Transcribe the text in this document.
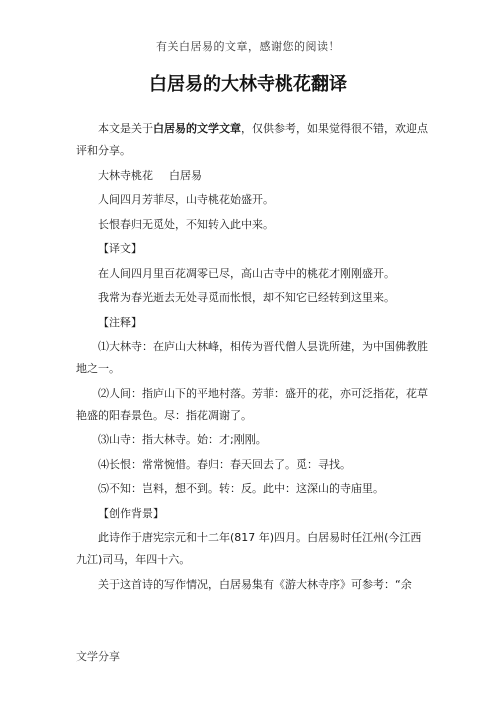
有关白居易的文章，感谢您的阅读！
白居易的大林寺桃花翻译

本文是关于白居易的文学文章，仅供参考，如果觉得很不错，欢迎点评和分享。

大林寺桃花 白居易

人间四月芳菲尽，山寺桃花始盛开。

长恨春归无觅处，不知转入此中来。

【译文】

在人间四月里百花凋零已尽，高山古寺中的桃花才刚刚盛开。

我常为春光逝去无处寻觅而怅恨，却不知它已经转到这里来。

【注释】

⑴大林寺：在庐山大林峰，相传为晋代僧人昙诜所建，为中国佛教胜地之一。

⑵人间：指庐山下的平地村落。芳菲：盛开的花，亦可泛指花，花草艳盛的阳春景色。尽：指花凋谢了。

⑶山寺：指大林寺。始：才;刚刚。

⑷长恨：常常惋惜。春归：春天回去了。觅：寻找。

⑸不知：岂料，想不到。转：反。此中：这深山的寺庙里。

【创作背景】

此诗作于唐宪宗元和十二年(817 年)四月。白居易时任江州(今江西九江)司马，年四十六。

关于这首诗的写作情况，白居易集有《游大林寺序》可参考：“余

文学分享
